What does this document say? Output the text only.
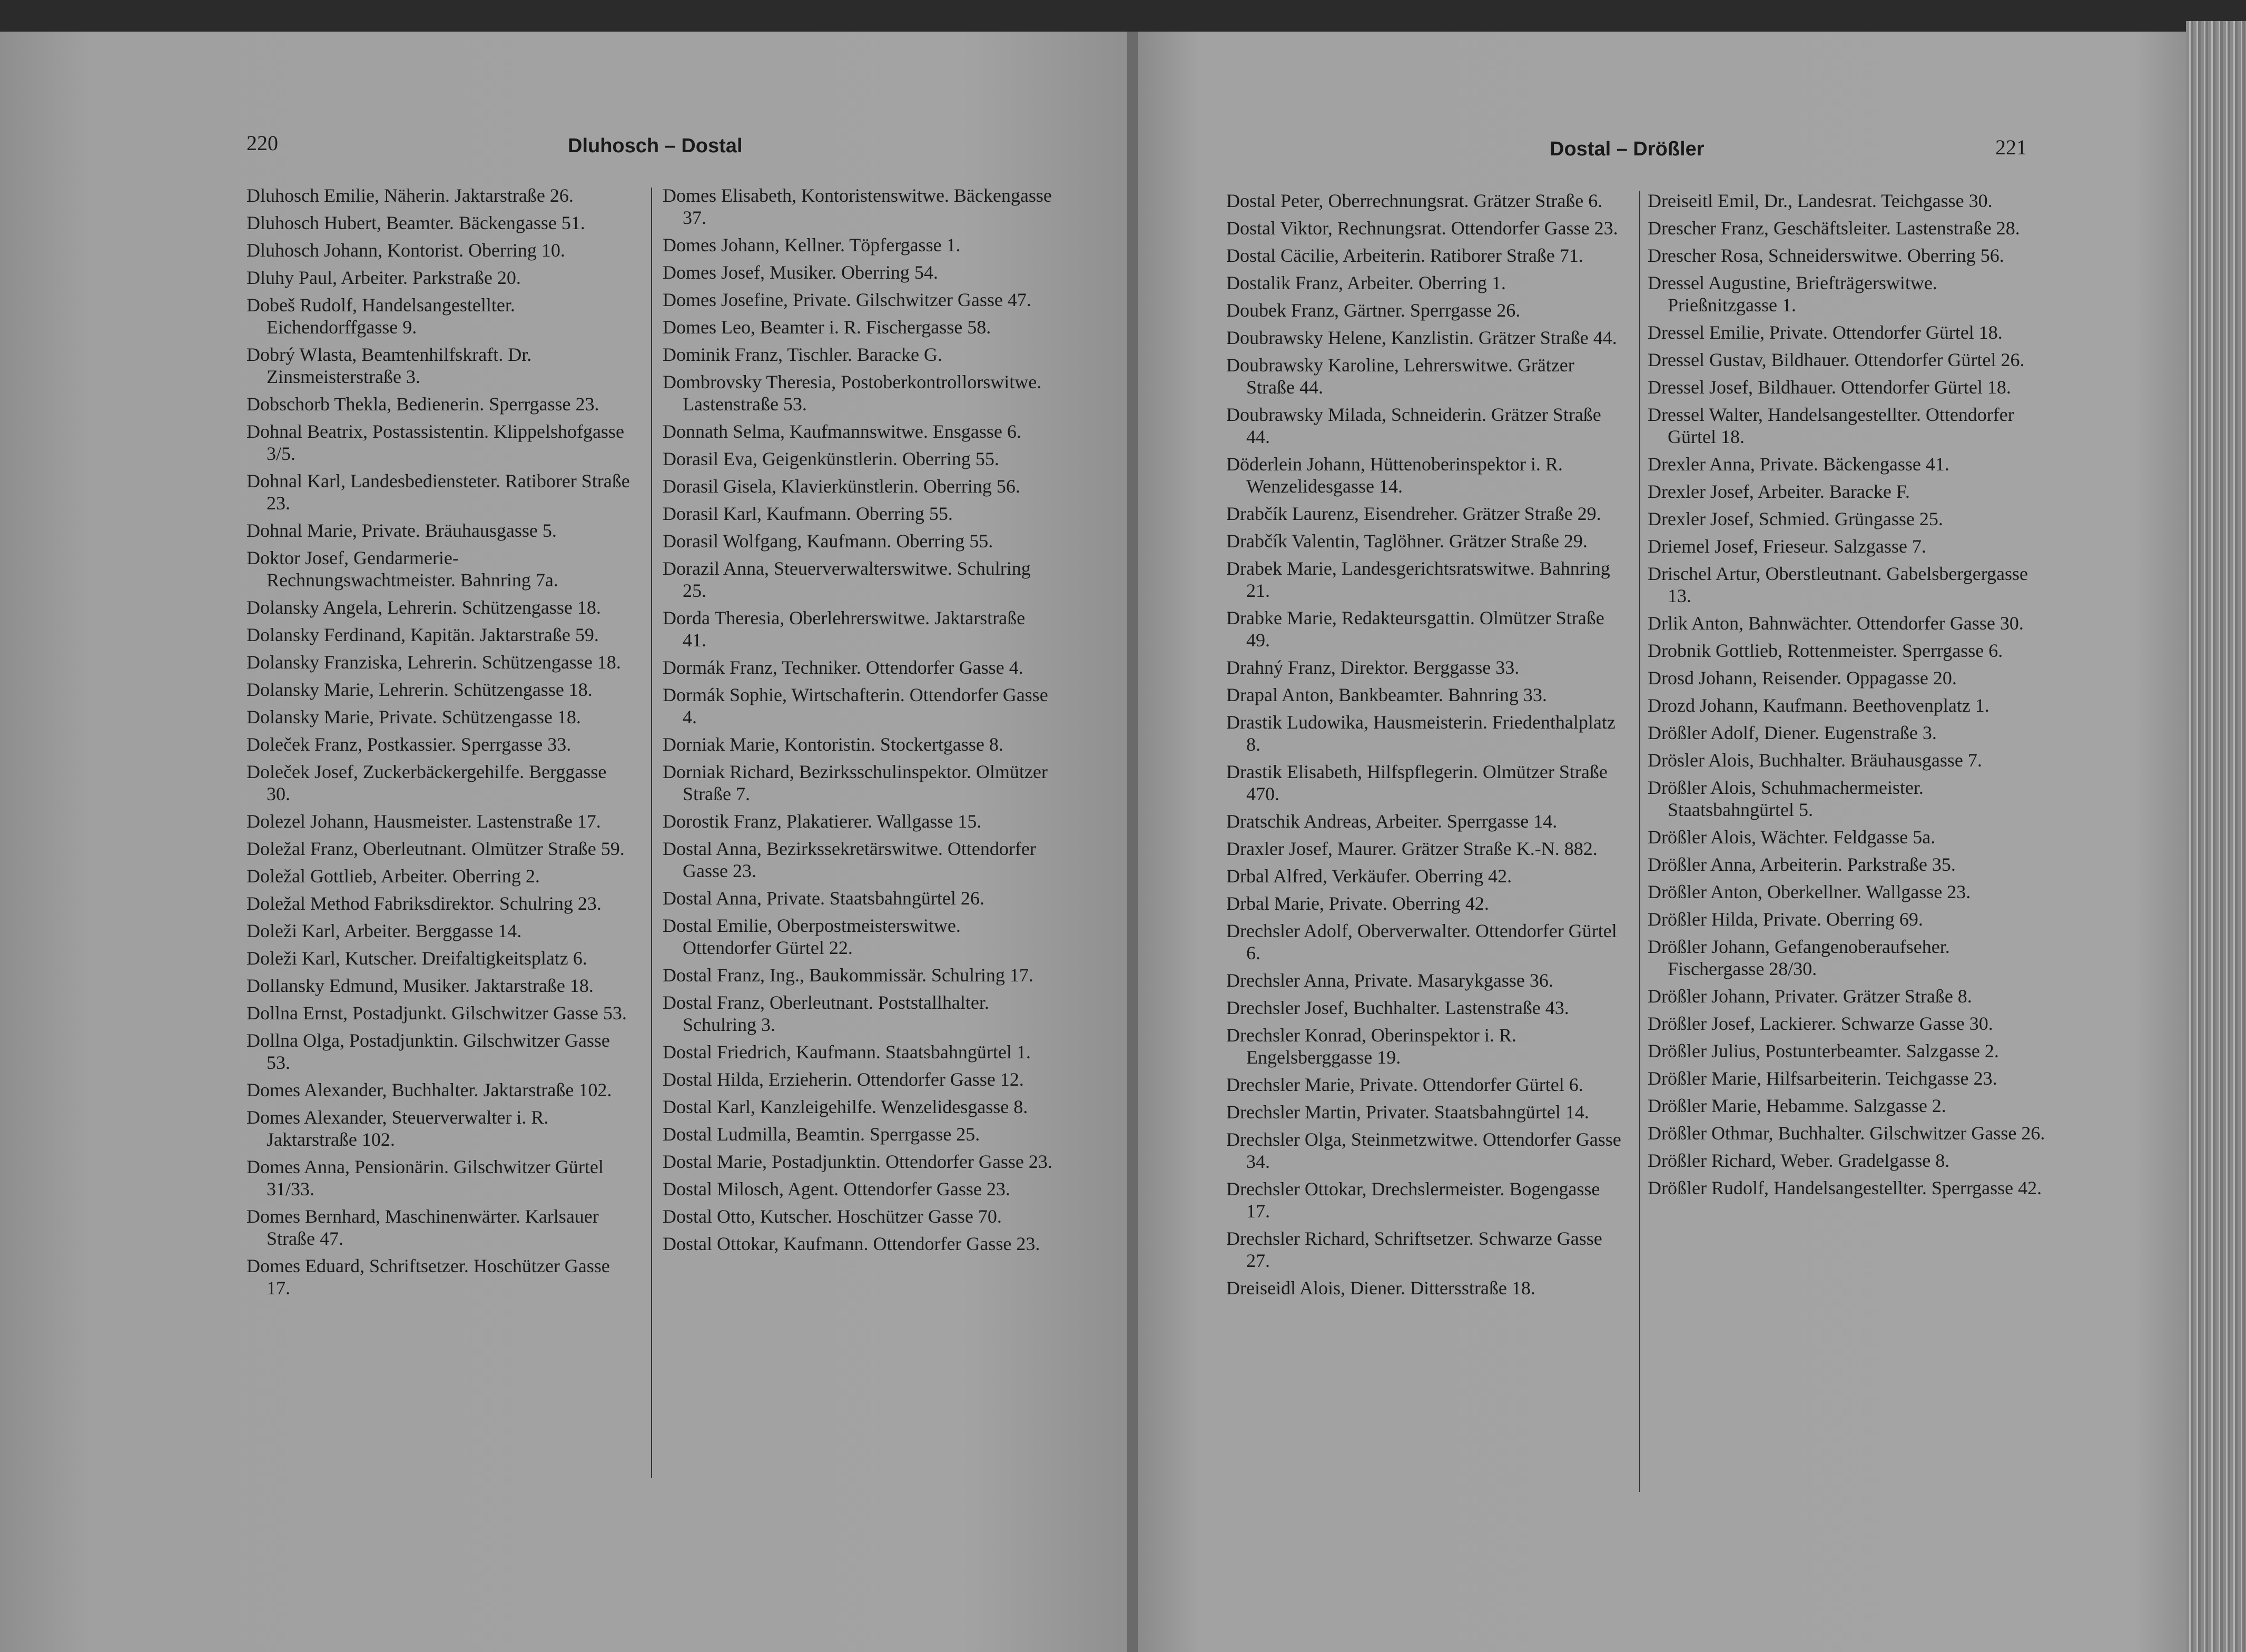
220	Dluhosch – Dostal
Dluhosch Emilie, Näherin. Jaktarstraße 26.
Dluhosch Hubert, Beamter. Bäckengasse 51.
Dluhosch Johann, Kontorist. Oberring 10.
Dluhy Paul, Arbeiter. Parkstraße 20.
Dobeš Rudolf, Handelsangestellter. Eichendorffgasse 9.
Dobrý Wlasta, Beamtenhilfskraft. Dr. Zinsmeisterstraße 3.
Dobschorb Thekla, Bedienerin. Sperrgasse 23.
Dohnal Beatrix, Postassistentin. Klippelshofgasse 3/5.
Dohnal Karl, Landesbediensteter. Ratiborer Straße 23.
Dohnal Marie, Private. Bräuhausgasse 5.
Doktor Josef, Gendarmerie-Rechnungswachtmeister. Bahnring 7a.
Dolansky Angela, Lehrerin. Schützengasse 18.
Dolansky Ferdinand, Kapitän. Jaktarstraße 59.
Dolansky Franziska, Lehrerin. Schützengasse 18.
Dolansky Marie, Lehrerin. Schützengasse 18.
Dolansky Marie, Private. Schützengasse 18.
Doleček Franz, Postkassier. Sperrgasse 33.
Doleček Josef, Zuckerbäckergehilfe. Berggasse 30.
Dolezel Johann, Hausmeister. Lastenstraße 17.
Doležal Franz, Oberleutnant. Olmützer Straße 59.
Doležal Gottlieb, Arbeiter. Oberring 2.
Doležal Method Fabriksdirektor. Schulring 23.
Doleži Karl, Arbeiter. Berggasse 14.
Doleži Karl, Kutscher. Dreifaltigkeitsplatz 6.
Dollansky Edmund, Musiker. Jaktarstraße 18.
Dollna Ernst, Postadjunkt. Gilschwitzer Gasse 53.
Dollna Olga, Postadjunktin. Gilschwitzer Gasse 53.
Domes Alexander, Buchhalter. Jaktarstraße 102.
Domes Alexander, Steuerverwalter i. R. Jaktarstraße 102.
Domes Anna, Pensionärin. Gilschwitzer Gürtel 31/33.
Domes Bernhard, Maschinenwärter. Karlsauer Straße 47.
Domes Eduard, Schriftsetzer. Hoschützer Gasse 17.
Domes Elisabeth, Kontoristenswitwe. Bäckengasse 37.
Domes Johann, Kellner. Töpfergasse 1.
Domes Josef, Musiker. Oberring 54.
Domes Josefine, Private. Gilschwitzer Gasse 47.
Domes Leo, Beamter i. R. Fischergasse 58.
Dominik Franz, Tischler. Baracke G.
Dombrovsky Theresia, Postoberkontrollorswitwe. Lastenstraße 53.
Donnath Selma, Kaufmannswitwe. Ensgasse 6.
Dorasil Eva, Geigenkünstlerin. Oberring 55.
Dorasil Gisela, Klavierkünstlerin. Oberring 56.
Dorasil Karl, Kaufmann. Oberring 55.
Dorasil Wolfgang, Kaufmann. Oberring 55.
Dorazil Anna, Steuerverwalterswitwe. Schulring 25.
Dorda Theresia, Oberlehrerswitwe. Jaktarstraße 41.
Dormák Franz, Techniker. Ottendorfer Gasse 4.
Dormák Sophie, Wirtschafterin. Ottendorfer Gasse 4.
Dorniak Marie, Kontoristin. Stockertgasse 8.
Dorniak Richard, Bezirksschulinspektor. Olmützer Straße 7.
Dorostik Franz, Plakatierer. Wallgasse 15.
Dostal Anna, Bezirkssekretärswitwe. Ottendorfer Gasse 23.
Dostal Anna, Private. Staatsbahngürtel 26.
Dostal Emilie, Oberpostmeisterswitwe. Ottendorfer Gürtel 22.
Dostal Franz, Ing., Baukommissär. Schulring 17.
Dostal Franz, Oberleutnant. Poststallhalter. Schulring 3.
Dostal Friedrich, Kaufmann. Staatsbahngürtel 1.
Dostal Hilda, Erzieherin. Ottendorfer Gasse 12.
Dostal Karl, Kanzleigehilfe. Wenzelidesgasse 8.
Dostal Ludmilla, Beamtin. Sperrgasse 25.
Dostal Marie, Postadjunktin. Ottendorfer Gasse 23.
Dostal Milosch, Agent. Ottendorfer Gasse 23.
Dostal Otto, Kutscher. Hoschützer Gasse 70.
Dostal Ottokar, Kaufmann. Ottendorfer Gasse 23.
Dostal – Drößler	221
Dostal Peter, Oberrechnungsrat. Grätzer Straße 6.
Dostal Viktor, Rechnungsrat. Ottendorfer Gasse 23.
Dostal Cäcilie, Arbeiterin. Ratiborer Straße 71.
Dostalik Franz, Arbeiter. Oberring 1.
Doubek Franz, Gärtner. Sperrgasse 26.
Doubrawsky Helene, Kanzlistin. Grätzer Straße 44.
Doubrawsky Karoline, Lehrerswitwe. Grätzer Straße 44.
Doubrawsky Milada, Schneiderin. Grätzer Straße 44.
Döderlein Johann, Hüttenoberinspektor i. R. Wenzelidesgasse 14.
Drabčík Laurenz, Eisendreher. Grätzer Straße 29.
Drabčík Valentin, Taglöhner. Grätzer Straße 29.
Drabek Marie, Landesgerichtsratswitwe. Bahnring 21.
Drabke Marie, Redakteursgattin. Olmützer Straße 49.
Drahný Franz, Direktor. Berggasse 33.
Drapal Anton, Bankbeamter. Bahnring 33.
Drastik Ludowika, Hausmeisterin. Friedenthalplatz 8.
Drastik Elisabeth, Hilfspflegerin. Olmützer Straße 470.
Dratschik Andreas, Arbeiter. Sperrgasse 14.
Draxler Josef, Maurer. Grätzer Straße K.-N. 882.
Drbal Alfred, Verkäufer. Oberring 42.
Drbal Marie, Private. Oberring 42.
Drechsler Adolf, Oberverwalter. Ottendorfer Gürtel 6.
Drechsler Anna, Private. Masarykgasse 36.
Drechsler Josef, Buchhalter. Lastenstraße 43.
Drechsler Konrad, Oberinspektor i. R. Engelsberggasse 19.
Drechsler Marie, Private. Ottendorfer Gürtel 6.
Drechsler Martin, Privater. Staatsbahngürtel 14.
Drechsler Olga, Steinmetzwitwe. Ottendorfer Gasse 34.
Drechsler Ottokar, Drechslermeister. Bogengasse 17.
Drechsler Richard, Schriftsetzer. Schwarze Gasse 27.
Dreiseidl Alois, Diener. Dittersstraße 18.
Dreiseitl Emil, Dr., Landesrat. Teichgasse 30.
Drescher Franz, Geschäftsleiter. Lastenstraße 28.
Drescher Rosa, Schneiderswitwe. Oberring 56.
Dressel Augustine, Briefträgerswitwe. Prießnitzgasse 1.
Dressel Emilie, Private. Ottendorfer Gürtel 18.
Dressel Gustav, Bildhauer. Ottendorfer Gürtel 26.
Dressel Josef, Bildhauer. Ottendorfer Gürtel 18.
Dressel Walter, Handelsangestellter. Ottendorfer Gürtel 18.
Drexler Anna, Private. Bäckengasse 41.
Drexler Josef, Arbeiter. Baracke F.
Drexler Josef, Schmied. Grüngasse 25.
Driemel Josef, Frieseur. Salzgasse 7.
Drischel Artur, Oberstleutnant. Gabelsbergergasse 13.
Drlik Anton, Bahnwächter. Ottendorfer Gasse 30.
Drobnik Gottlieb, Rottenmeister. Sperrgasse 6.
Drosd Johann, Reisender. Oppagasse 20.
Drozd Johann, Kaufmann. Beethovenplatz 1.
Drößler Adolf, Diener. Eugenstraße 3.
Drösler Alois, Buchhalter. Bräuhausgasse 7.
Drößler Alois, Schuhmachermeister. Staatsbahngürtel 5.
Drößler Alois, Wächter. Feldgasse 5a.
Drößler Anna, Arbeiterin. Parkstraße 35.
Drößler Anton, Oberkellner. Wallgasse 23.
Drößler Hilda, Private. Oberring 69.
Drößler Johann, Gefangenoberaufseher. Fischergasse 28/30.
Drößler Johann, Privater. Grätzer Straße 8.
Drößler Josef, Lackierer. Schwarze Gasse 30.
Drößler Julius, Postunterbeamter. Salzgasse 2.
Drößler Marie, Hilfsarbeiterin. Teichgasse 23.
Drößler Marie, Hebamme. Salzgasse 2.
Drößler Othmar, Buchhalter. Gilschwitzer Gasse 26.
Drößler Richard, Weber. Gradelgasse 8.
Drößler Rudolf, Handelsangestellter. Sperrgasse 42.
